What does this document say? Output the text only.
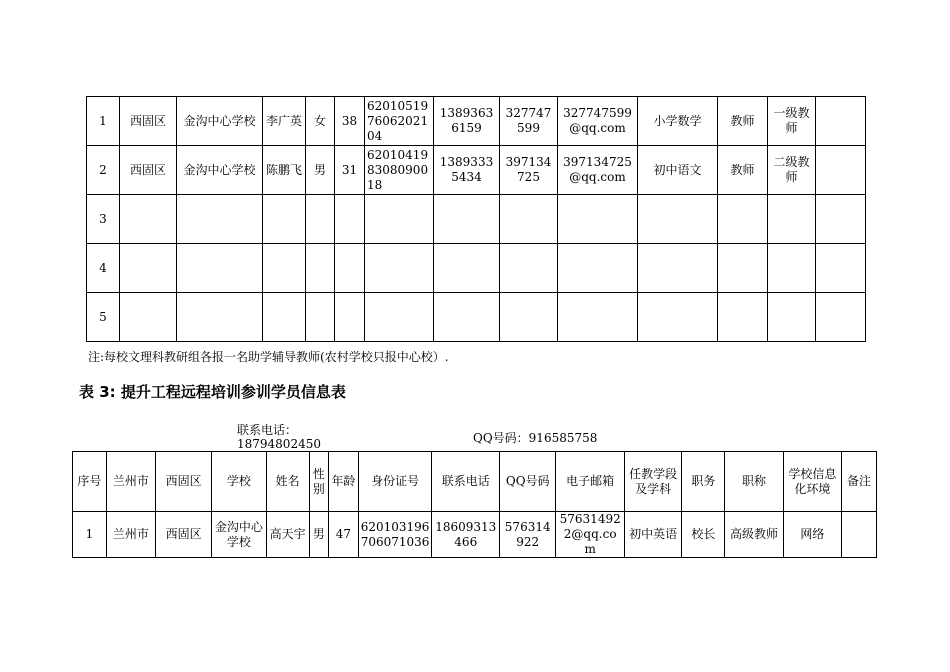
1	西固区	金沟中心学校	李广英	女	38	620105197606202104	13893636159	327747599	327747599@qq.com	小学数学	教师	一级教师	
2	西固区	金沟中心学校	陈鹏飞	男	31	620104198308090018	13893335434	397134725	397134725@qq.com	初中语文	教师	二级教师	
3													
4													
5													
注:每校文理科教研组各报一名助学辅导教师(农村学校只报中心校）.
表 3: 提升工程远程培训参训学员信息表
联系电话：
18794802450	QQ号码：916585758
序号	兰州市	西固区	学校	姓名	性别	年龄	身份证号	联系电话	QQ号码	电子邮箱	任教学段及学科	职务	职称	学校信息化环境	备注
1	兰州市	西固区	金沟中心学校	高天宇	男	47	620103196706071036	18609313466	576314922	576314922@qq.com	初中英语	校长	高级教师	网络	
